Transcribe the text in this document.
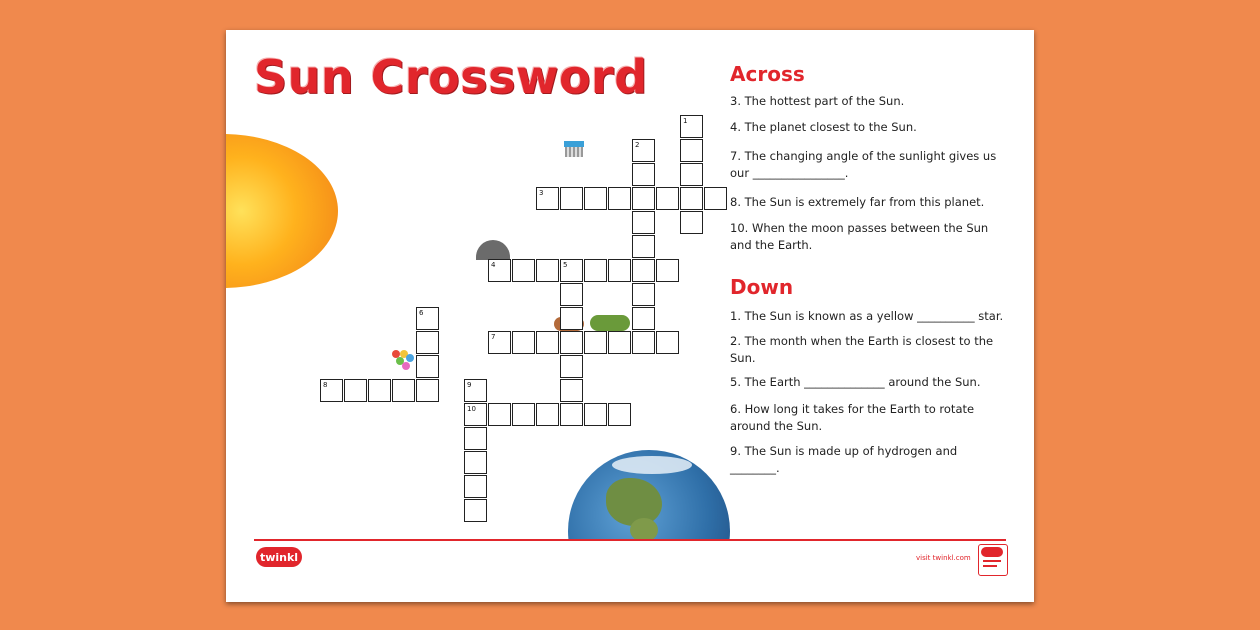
Sun Crossword
1
2
3
4	5
6
7
8	9
10
Across
3. The hottest part of the Sun.
4. The planet closest to the Sun.
7. The changing angle of the sunlight gives us our ________________.
8. The Sun is extremely far from this planet.
10. When the moon passes between the Sun and the Earth.
Down
1. The Sun is known as a yellow __________ star.
2. The month when the Earth is closest to the Sun.
5. The Earth ______________ around the Sun.
6. How long it takes for the Earth to rotate around the Sun.
9. The Sun is made up of hydrogen and ________.
twinkl	visit twinkl.com
